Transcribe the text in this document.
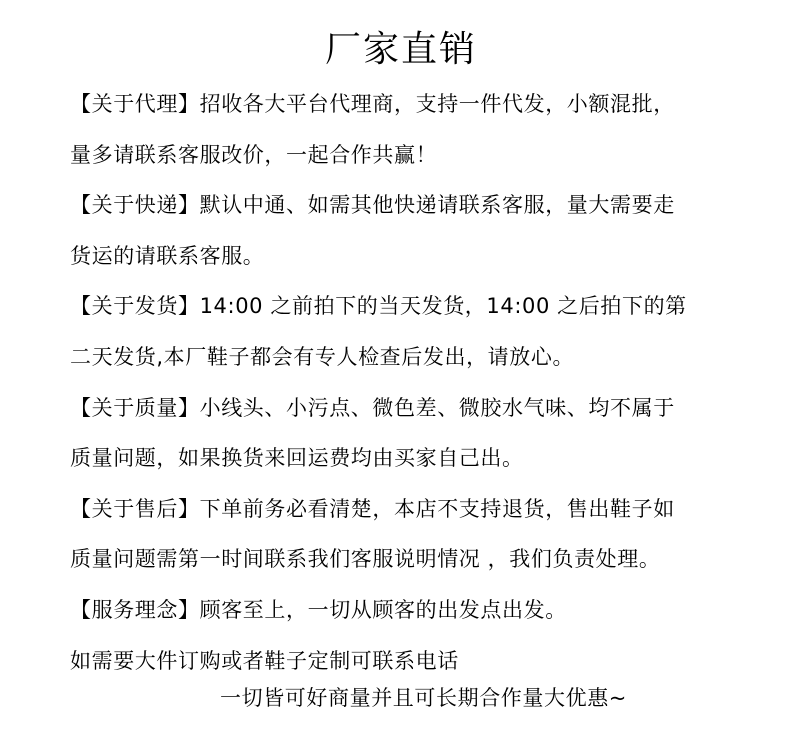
厂家直销
【关于代理】招收各大平台代理商，支持一件代发，小额混批，
量多请联系客服改价，一起合作共赢！
【关于快递】默认中通、如需其他快递请联系客服，量大需要走
货运的请联系客服。
【关于发货】14:00 之前拍下的当天发货，14:00 之后拍下的第
二天发货,本厂鞋子都会有专人检查后发出，请放心。
【关于质量】小线头、小污点、微色差、微胶水气味、均不属于
质量问题，如果换货来回运费均由买家自己出。
【关于售后】下单前务必看清楚，本店不支持退货，售出鞋子如
质量问题需第一时间联系我们客服说明情况 ，我们负责处理。
【服务理念】顾客至上，一切从顾客的出发点出发。
如需要大件订购或者鞋子定制可联系电话
一切皆可好商量并且可长期合作量大优惠~
